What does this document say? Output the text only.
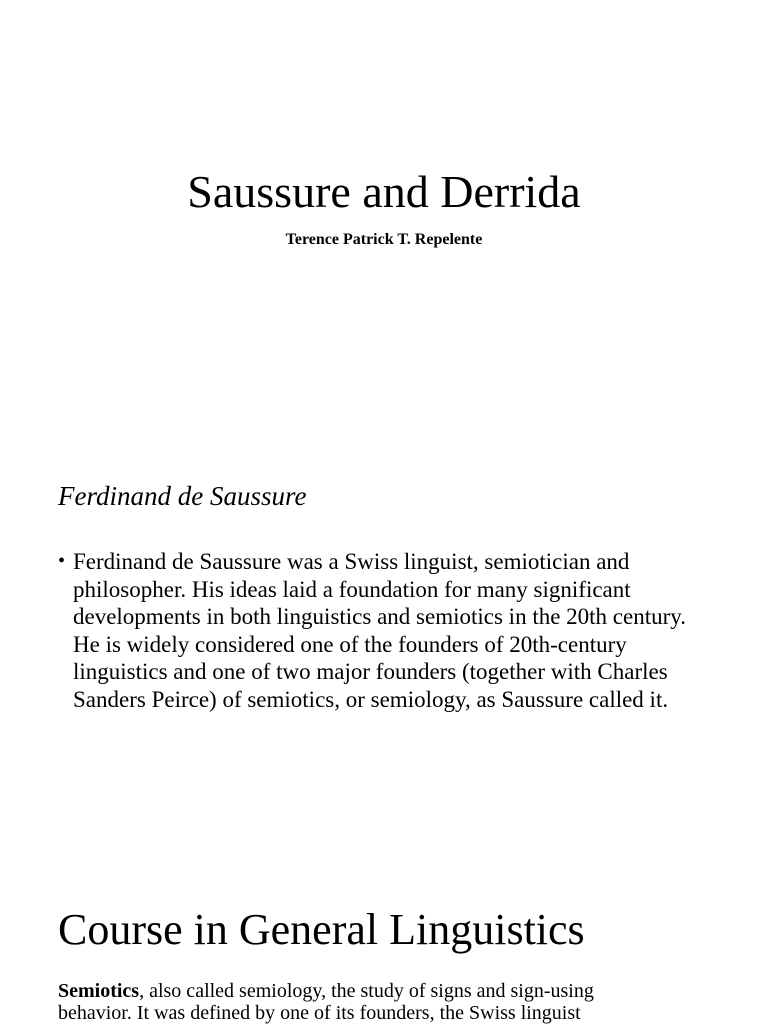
Saussure and Derrida
Terence Patrick T. Repelente
Ferdinand de Saussure
• Ferdinand de Saussure was a Swiss linguist, semiotician and philosopher. His ideas laid a foundation for many significant developments in both linguistics and semiotics in the 20th century. He is widely considered one of the founders of 20th-century linguistics and one of two major founders (together with Charles Sanders Peirce) of semiotics, or semiology, as Saussure called it.
Course in General Linguistics

Semiotics, also called semiology, the study of signs and sign-using behavior. It was defined by one of its founders, the Swiss linguist
